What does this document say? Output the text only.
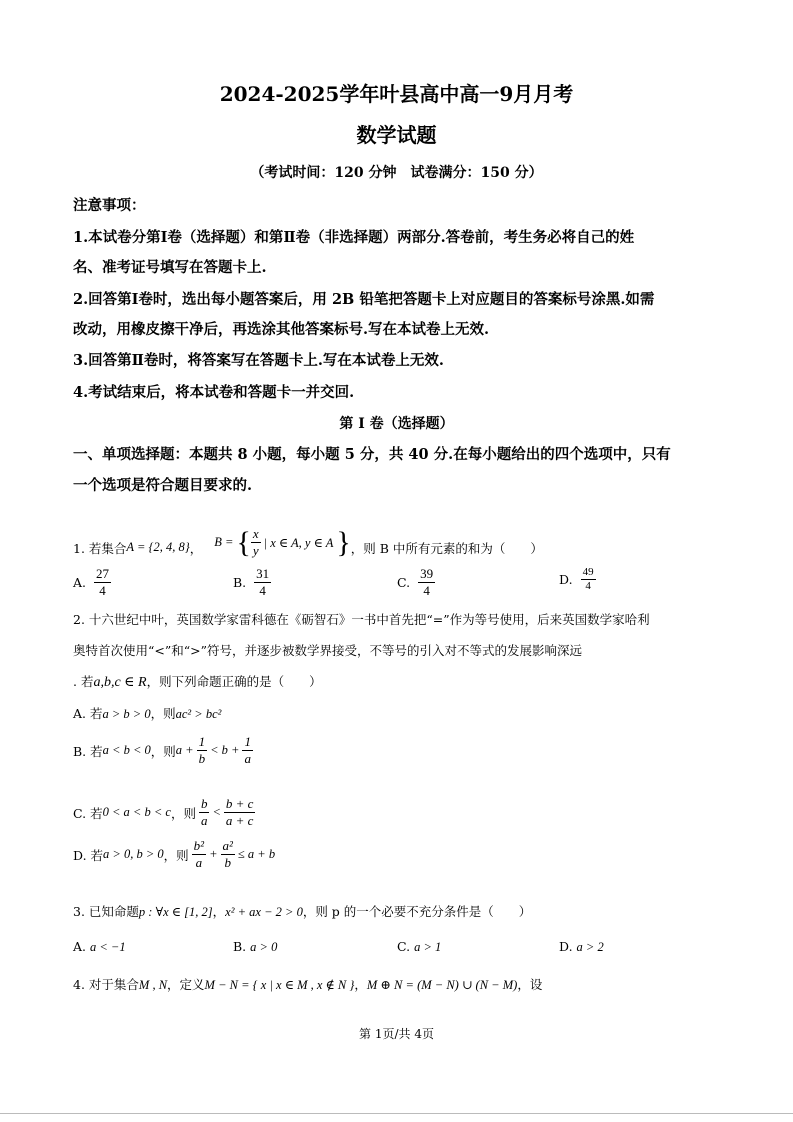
2024-2025学年叶县高中高一9月月考
数学试题
（考试时间：120 分钟　试卷满分：150 分）
注意事项：
1.本试卷分第Ⅰ卷（选择题）和第Ⅱ卷（非选择题）两部分.答卷前，考生务必将自己的姓
名、准考证号填写在答题卡上.
2.回答第Ⅰ卷时，选出每小题答案后，用 2B 铅笔把答题卡上对应题目的答案标号涂黑.如需
改动，用橡皮擦干净后，再选涂其他答案标号.写在本试卷上无效.
3.回答第Ⅱ卷时，将答案写在答题卡上.写在本试卷上无效.
4.考试结束后，将本试卷和答题卡一并交回.
第 I 卷（选择题）
一、单项选择题：本题共 8 小题，每小题 5 分，共 40 分.在每小题给出的四个选项中，只有
一个选项是符合题目要求的.
1. 若集合 A = {2, 4, 8} ， B = { $\frac{x}{y}$ | x ∈ A, y ∈ A } ，则 B 中所有元素的和为（　　）
A. $\frac{27}{4}$	B. $\frac{31}{4}$	C. $\frac{39}{4}$	D. $\frac{49}{4}$
2. 十六世纪中叶，英国数学家雷科德在《砺智石》一书中首先把“=”作为等号使用，后来英国数学家哈利
奥特首次使用“<”和“>”符号，并逐步被数学界接受，不等号的引入对不等式的发展影响深远
. 若a,b,c ∈ R，则下列命题正确的是（　　）
A. 若a > b > 0，则ac² > bc²
B. 若 a < b < 0 ，则 $a + \frac{1}{b} < b + \frac{1}{a}$
C. 若 0 < a < b < c ，则 $\frac{b}{a} < \frac{b + c}{a + c}$
D. 若 a > 0, b > 0 ，则 $\frac{\text{b²}}{a} + \frac{\text{a²}}{b} \le a + b$
3. 已知命题p : ∀x ∈ [1, 2]，x² + ax − 2 > 0，则 p 的一个必要不充分条件是（　　）
A. a < −1	B. a > 0	C. a > 1	D. a > 2
4. 对于集合M , N，定义M − N = { x | x ∈ M , x ∉ N }，M ⊕ N = (M − N) ∪ (N − M)，设
第 1页/共 4页
